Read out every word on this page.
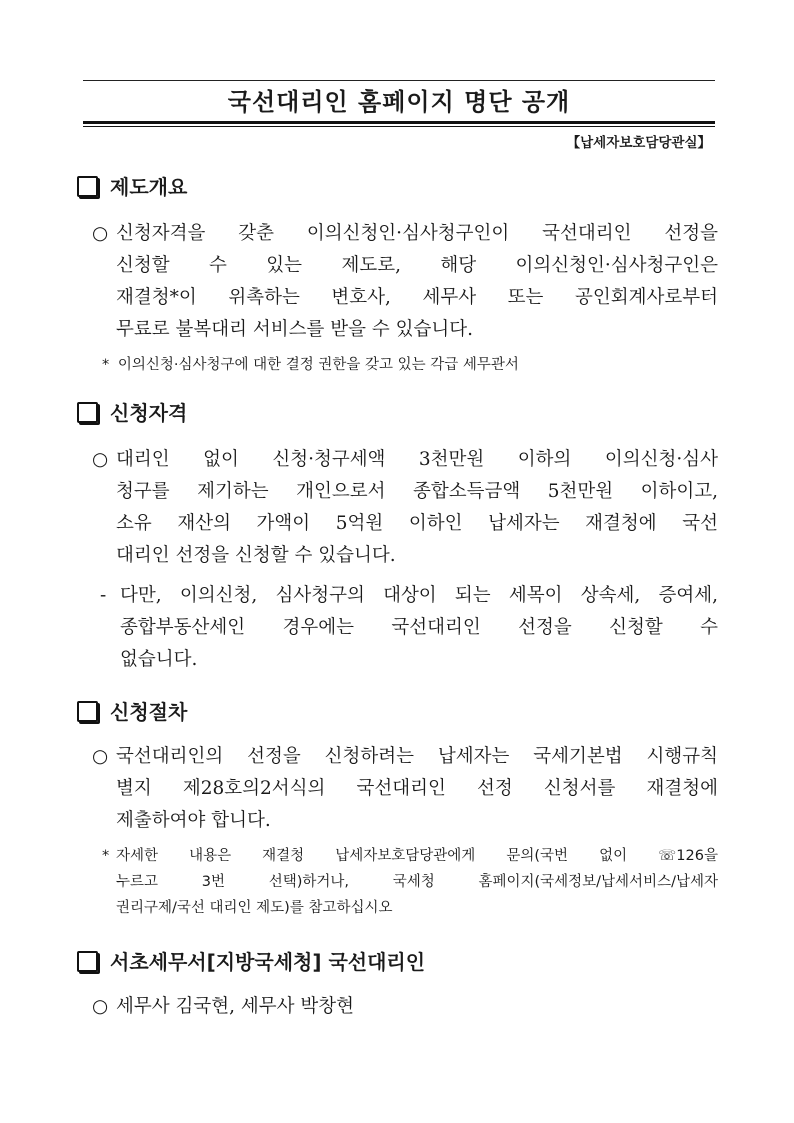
국선대리인 홈페이지 명단 공개
【납세자보호담당관실】
제도개요
○ 신청자격을 갖춘 이의신청인·심사청구인이 국선대리인 선정을
신청할 수 있는 제도로, 해당 이의신청인·심사청구인은
재결청*이 위촉하는 변호사, 세무사 또는 공인회계사로부터
무료로 불복대리 서비스를 받을 수 있습니다.
* 이의신청·심사청구에 대한 결정 권한을 갖고 있는 각급 세무관서
신청자격
○ 대리인 없이 신청·청구세액 3천만원 이하의 이의신청·심사
청구를 제기하는 개인으로서 종합소득금액 5천만원 이하이고,
소유 재산의 가액이 5억원 이하인 납세자는 재결청에 국선
대리인 선정을 신청할 수 있습니다.
- 다만, 이의신청, 심사청구의 대상이 되는 세목이 상속세, 증여세,
종합부동산세인 경우에는 국선대리인 선정을 신청할 수
없습니다.
신청절차
○ 국선대리인의 선정을 신청하려는 납세자는 국세기본법 시행규칙
별지 제28호의2서식의 국선대리인 선정 신청서를 재결청에
제출하여야 합니다.
* 자세한 내용은 재결청 납세자보호담당관에게 문의(국번 없이 ☏126을
누르고 3번 선택)하거나, 국세청 홈페이지(국세정보/납세서비스/납세자
권리구제/국선 대리인 제도)를 참고하십시오
서초세무서[지방국세청] 국선대리인
○ 세무사 김국현, 세무사 박창현
